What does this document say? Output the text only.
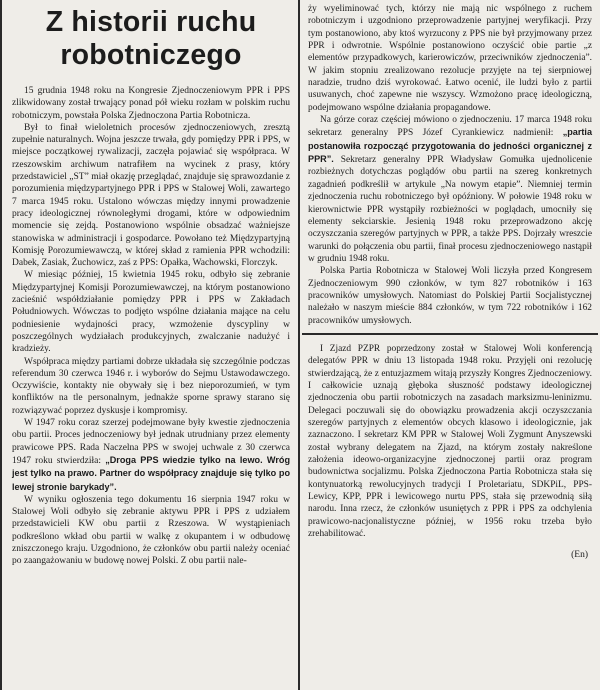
Z historii ruchu robotniczego

15 grudnia 1948 roku na Kongresie Zjednoczeniowym PPR i PPS zlikwidowany został trwający ponad pół wieku rozłam w polskim ruchu robotniczym, powstała Polska Zjednoczona Partia Robotnicza.

Był to finał wieloletnich procesów zjednoczeniowych, zresztą zupełnie naturalnych. Wojna jeszcze trwała, gdy pomiędzy PPR i PPS, w miejsce początkowej rywalizacji, zaczęła pojawiać się współpraca. W rzeszowskim archiwum natrafiłem na wycinek z prasy, który przedstawiciel „ST” miał okazję przeglądać, znajduje się sprawozdanie z porozumienia międzypartyjnego PPR i PPS w Stalowej Woli, zawartego 7 marca 1945 roku. Ustalono wówczas między innymi prowadzenie pracy ideologicznej równoległymi drogami, które w odpowiednim momencie się zejdą. Postanowiono wspólnie obsadzać ważniejsze stanowiska w administracji i gospodarce. Powołano też Międzypartyjną Komisję Porozumiewawczą, w której skład z ramienia PPR wchodzili: Dabek, Zasiak, Żuchowicz, zaś z PPS: Opałka, Wachowski, Florczyk.

W miesiąc później, 15 kwietnia 1945 roku, odbyło się zebranie Międzypartyjnej Komisji Porozumiewawczej, na którym postanowiono zacieśnić współdziałanie pomiędzy PPR i PPS w Zakładach Południowych. Wówczas to podjęto wspólne działania mające na celu podniesienie wydajności pracy, wzmożenie dyscypliny w poszczególnych wydziałach produkcyjnych, zwalczanie nadużyć i kradzieży.

Współpraca między partiami dobrze układała się szczególnie podczas referendum 30 czerwca 1946 r. i wyborów do Sejmu Ustawodawczego. Oczywiście, kontakty nie obywały się i bez nieporozumień, w tym konfliktów na tle personalnym, jednakże sporne sprawy starano się rozwiązywać poprzez dyskusje i kompromisy.

W 1947 roku coraz szerzej podejmowane były kwestie zjednoczenia obu partii. Proces jednoczeniowy był jednak utrudniany przez elementy prawicowe PPS. Rada Naczelna PPS w swojej uchwale z 30 czerwca 1947 roku stwierdziła: „Droga PPS wiedzie tylko na lewo. Wróg jest tylko na prawo. Partner do współpracy znajduje się tylko po lewej stronie barykady”.

W wyniku ogłoszenia tego dokumentu 16 sierpnia 1947 roku w Stalowej Woli odbyło się zebranie aktywu PPR i PPS z udziałem przedstawicieli KW obu partii z Rzeszowa. W wystąpieniach podkreślono wkład obu partii w walkę z okupantem i w odbudowę zniszczonego kraju. Uzgodniono, że członków obu partii należy oceniać po zaangażowaniu w budowę nowej Polski. Z obu partii nale-

ży wyeliminować tych, którzy nie mają nic wspólnego z ruchem robotniczym i uzgodniono przeprowadzenie partyjnej weryfikacji. Przy tym postanowiono, aby ktoś wyrzucony z PPS nie był przyjmowany przez PPR i odwrotnie. Wspólnie postanowiono oczyścić obie partie „z elementów przypadkowych, karierowiczów, przeciwników zjednoczenia”. W jakim stopniu zrealizowano rezolucje przyjęte na tej sierpniowej naradzie, trudno dziś wyrokować. Łatwo ocenić, ile ludzi było z partii usuwanych, choć zapewne nie wszyscy. Wzmożono pracę ideologiczną, podejmowano wspólne działania propagandowe.

Na górze coraz częściej mówiono o zjednoczeniu. 17 marca 1948 roku sekretarz generalny PPS Józef Cyrankiewicz nadmienił: „partia postanowiła rozpocząć przygotowania do jedności organicznej z PPR”. Sekretarz generalny PPR Władysław Gomułka ujednolicenie rozbieżnych dotychczas poglądów obu partii na szereg konkretnych zagadnień podkreślił w artykule „Na nowym etapie”. Niemniej termin zjednoczenia ruchu robotniczego był opóźniony. W połowie 1948 roku w kierownictwie PPR wystąpiły rozbieżności w poglądach, umocniły się elementy sekciarskie. Jesienią 1948 roku przeprowadzono akcję oczyszczania szeregów partyjnych w PPR, a także PPS. Dojrzały wreszcie warunki do połączenia obu partii, finał procesu zjednoczeniowego nastąpił w grudniu 1948 roku.

Polska Partia Robotnicza w Stalowej Woli liczyła przed Kongresem Zjednoczeniowym 990 członków, w tym 827 robotników i 163 pracowników umysłowych. Natomiast do Polskiej Partii Socjalistycznej należało w naszym mieście 884 członków, w tym 722 robotników i 162 pracowników umysłowych.

I Zjazd PZPR poprzedzony został w Stalowej Woli konferencją delegatów PPR w dniu 13 listopada 1948 roku. Przyjęli oni rezolucję stwierdzającą, że z entuzjazmem witają przyszły Kongres Zjednoczeniowy. I całkowicie uznają głęboka słuszność podstawy ideologicznej zjednoczenia obu partii robotniczych na zasadach marksizmu-leninizmu. Delegaci poczuwali się do obowiązku prowadzenia akcji oczyszczania szeregów partyjnych z elementów obcych klasowo i ideologicznie, jak zaznaczono. I sekretarz KM PPR w Stalowej Woli Zygmunt Anyszewski został wybrany delegatem na Zjazd, na którym zostały nakreślone założenia ideowo-organizacyjne zjednoczonej partii oraz program budownictwa socjalizmu. Polska Zjednoczona Partia Robotnicza stała się kontynuatorką rewolucyjnych tradycji I Proletariatu, SDKPiL, PPS-Lewicy, KPP, PPR i lewicowego nurtu PPS, stała się przewodnią siłą narodu. Inna rzecz, że członków usuniętych z PPR i PPS za odchylenia prawicowo-nacjonalistyczne później, w 1956 roku trzeba było zrehabilitować.

(En)
